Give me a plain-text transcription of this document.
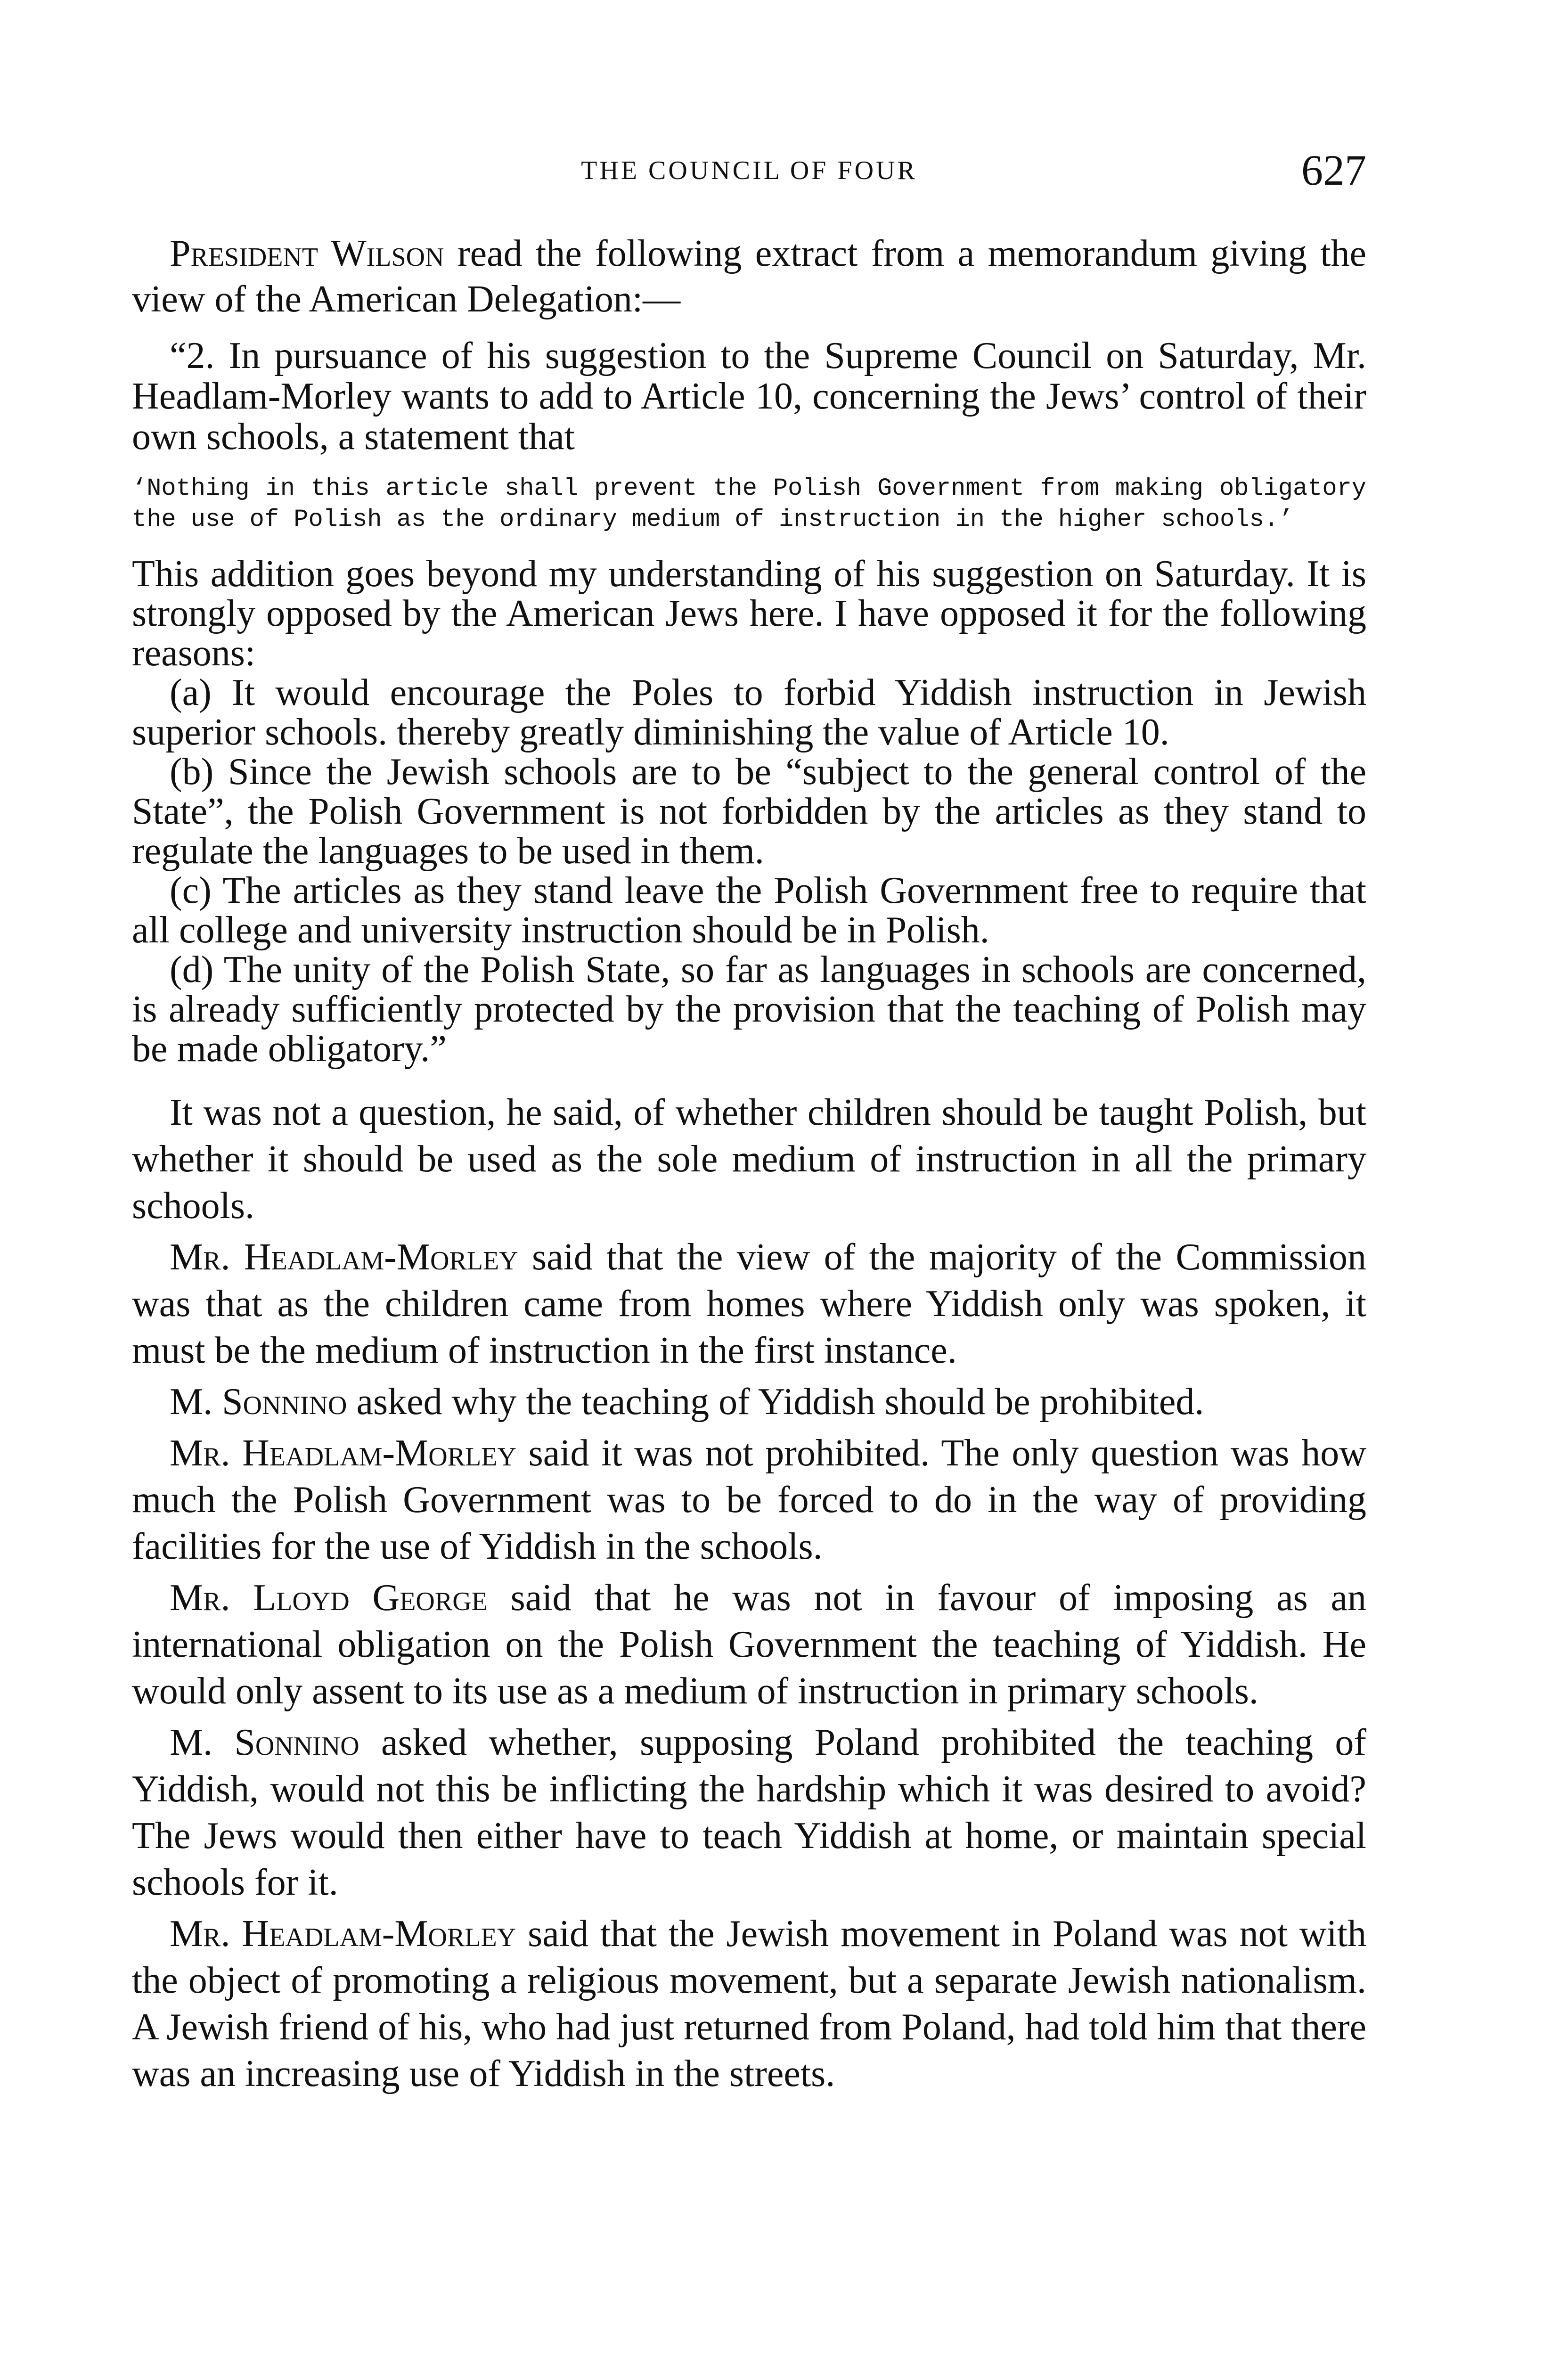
THE COUNCIL OF FOUR	627

President Wilson read the following extract from a memorandum giving the view of the American Delegation:—

“2. In pursuance of his suggestion to the Supreme Council on Saturday, Mr. Headlam-Morley wants to add to Article 10, concerning the Jews’ control of their own schools, a statement that

‘Nothing in this article shall prevent the Polish Government from making obligatory the use of Polish as the ordinary medium of instruction in the higher schools.’

This addition goes beyond my understanding of his suggestion on Saturday. It is strongly opposed by the American Jews here. I have opposed it for the following reasons:

(a) It would encourage the Poles to forbid Yiddish instruction in Jewish superior schools. thereby greatly diminishing the value of Article 10.

(b) Since the Jewish schools are to be “subject to the general control of the State”, the Polish Government is not forbidden by the articles as they stand to regulate the languages to be used in them.

(c) The articles as they stand leave the Polish Government free to require that all college and university instruction should be in Polish.

(d) The unity of the Polish State, so far as languages in schools are concerned, is already sufficiently protected by the provision that the teaching of Polish may be made obligatory.”

It was not a question, he said, of whether children should be taught Polish, but whether it should be used as the sole medium of instruction in all the primary schools.

Mr. Headlam-Morley said that the view of the majority of the Commission was that as the children came from homes where Yiddish only was spoken, it must be the medium of instruction in the first instance.

M. Sonnino asked why the teaching of Yiddish should be prohibited.

Mr. Headlam-Morley said it was not prohibited. The only question was how much the Polish Government was to be forced to do in the way of providing facilities for the use of Yiddish in the schools.

Mr. Lloyd George said that he was not in favour of imposing as an international obligation on the Polish Government the teaching of Yiddish. He would only assent to its use as a medium of instruction in primary schools.

M. Sonnino asked whether, supposing Poland prohibited the teaching of Yiddish, would not this be inflicting the hardship which it was desired to avoid? The Jews would then either have to teach Yiddish at home, or maintain special schools for it.

Mr. Headlam-Morley said that the Jewish movement in Poland was not with the object of promoting a religious movement, but a separate Jewish nationalism. A Jewish friend of his, who had just returned from Poland, had told him that there was an increasing use of Yiddish in the streets.
